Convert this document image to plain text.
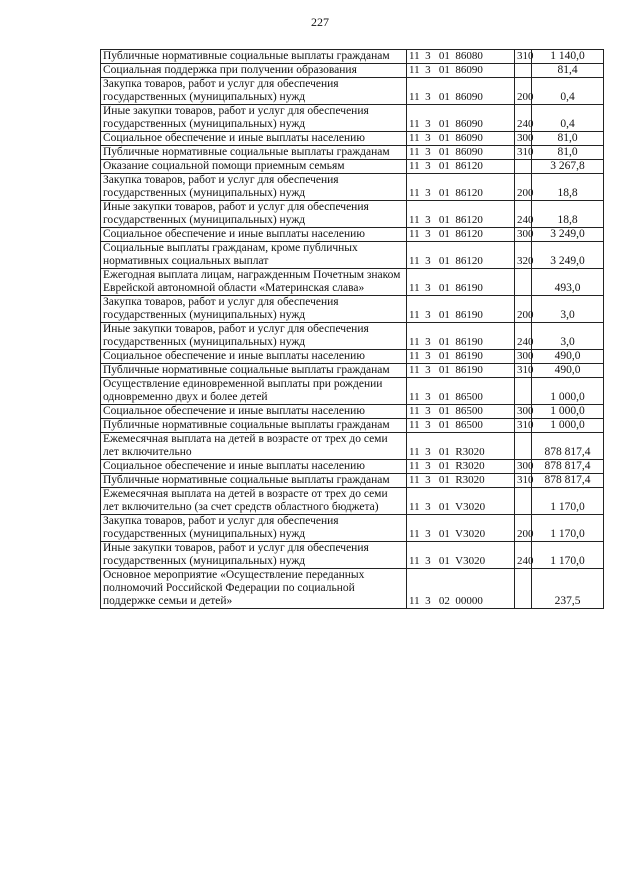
227
Публичные нормативные социальные выплаты гражданам	11  3   01  86080	310	1 140,0
Социальная поддержка при получении образования	11  3   01  86090		81,4
Закупка товаров, работ и услуг для обеспечения государственных (муниципальных) нужд	11  3   01  86090	200	0,4
Иные закупки товаров, работ и услуг для обеспечения государственных (муниципальных) нужд	11  3   01  86090	240	0,4
Социальное обеспечение и иные выплаты населению	11  3   01  86090	300	81,0
Публичные нормативные социальные выплаты гражданам	11  3   01  86090	310	81,0
Оказание социальной помощи приемным семьям	11  3   01  86120		3 267,8
Закупка товаров, работ и услуг для обеспечения государственных (муниципальных) нужд	11  3   01  86120	200	18,8
Иные закупки товаров, работ и услуг для обеспечения государственных (муниципальных) нужд	11  3   01  86120	240	18,8
Социальное обеспечение и иные выплаты населению	11  3   01  86120	300	3 249,0
Социальные выплаты гражданам, кроме публичных нормативных социальных выплат	11  3   01  86120	320	3 249,0
Ежегодная выплата лицам, награжденным Почетным знаком Еврейской автономной области «Материнская слава»	11  3   01  86190		493,0
Закупка товаров, работ и услуг для обеспечения государственных (муниципальных) нужд	11  3   01  86190	200	3,0
Иные закупки товаров, работ и услуг для обеспечения государственных (муниципальных) нужд	11  3   01  86190	240	3,0
Социальное обеспечение и иные выплаты населению	11  3   01  86190	300	490,0
Публичные нормативные социальные выплаты гражданам	11  3   01  86190	310	490,0
Осуществление единовременной выплаты при рождении одновременно двух и более детей	11  3   01  86500		1 000,0
Социальное обеспечение и иные выплаты населению	11  3   01  86500	300	1 000,0
Публичные нормативные социальные выплаты гражданам	11  3   01  86500	310	1 000,0
Ежемесячная выплата на детей в возрасте от трех до семи лет включительно	11  3   01  R3020		878 817,4
Социальное обеспечение и иные выплаты населению	11  3   01  R3020	300	878 817,4
Публичные нормативные социальные выплаты гражданам	11  3   01  R3020	310	878 817,4
Ежемесячная выплата на детей в возрасте от трех до семи лет включительно (за счет средств областного бюджета)	11  3   01  V3020		1 170,0
Закупка товаров, работ и услуг для обеспечения государственных (муниципальных) нужд	11  3   01  V3020	200	1 170,0
Иные закупки товаров, работ и услуг для обеспечения государственных (муниципальных) нужд	11  3   01  V3020	240	1 170,0
Основное мероприятие «Осуществление переданных полномочий Российской Федерации по социальной поддержке семьи и детей»	11  3   02  00000		237,5
